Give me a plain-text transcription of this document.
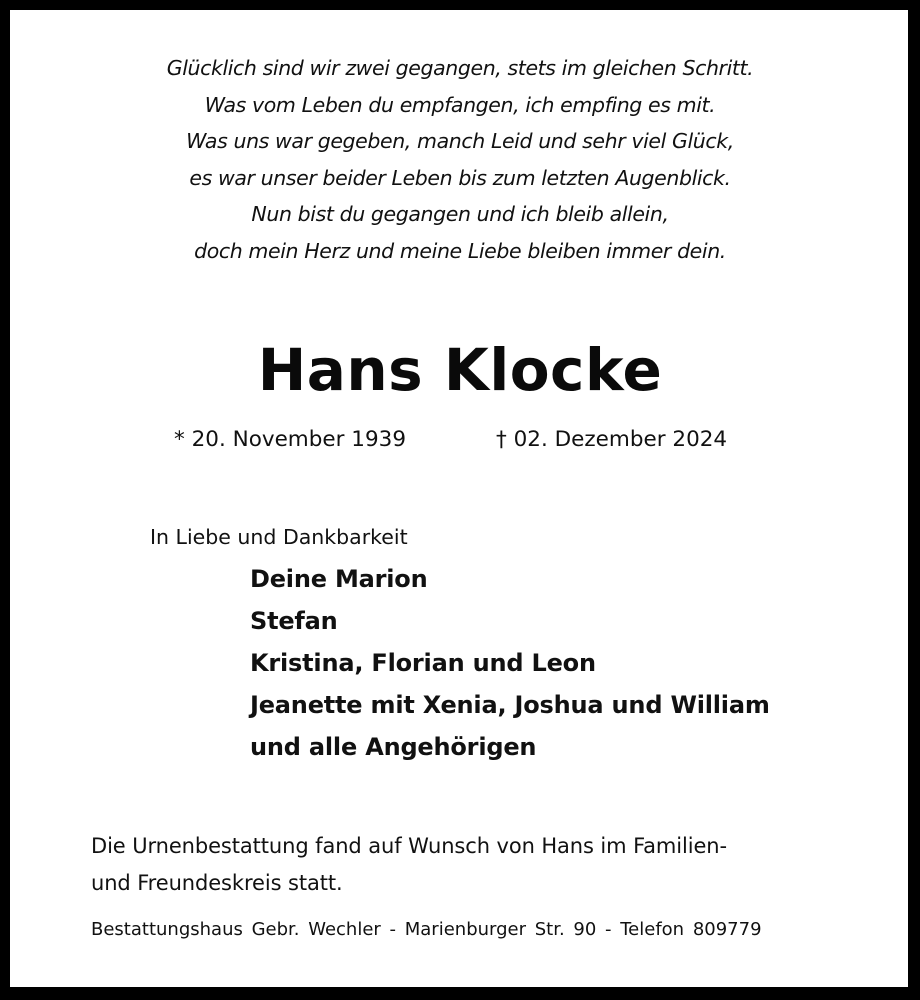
Glücklich sind wir zwei gegangen, stets im gleichen Schritt.
Was vom Leben du empfangen, ich empfing es mit.
Was uns war gegeben, manch Leid und sehr viel Glück,
es war unser beider Leben bis zum letzten Augenblick.
Nun bist du gegangen und ich bleib allein,
doch mein Herz und meine Liebe bleiben immer dein.
Hans Klocke
* 20. November 1939	† 02. Dezember 2024
In Liebe und Dankbarkeit
Deine Marion
Stefan
Kristina, Florian und Leon
Jeanette mit Xenia, Joshua und William
und alle Angehörigen
Die Urnenbestattung fand auf Wunsch von Hans im Familien-
und Freundeskreis statt.
Bestattungshaus Gebr. Wechler - Marienburger Str. 90 - Telefon 809779
